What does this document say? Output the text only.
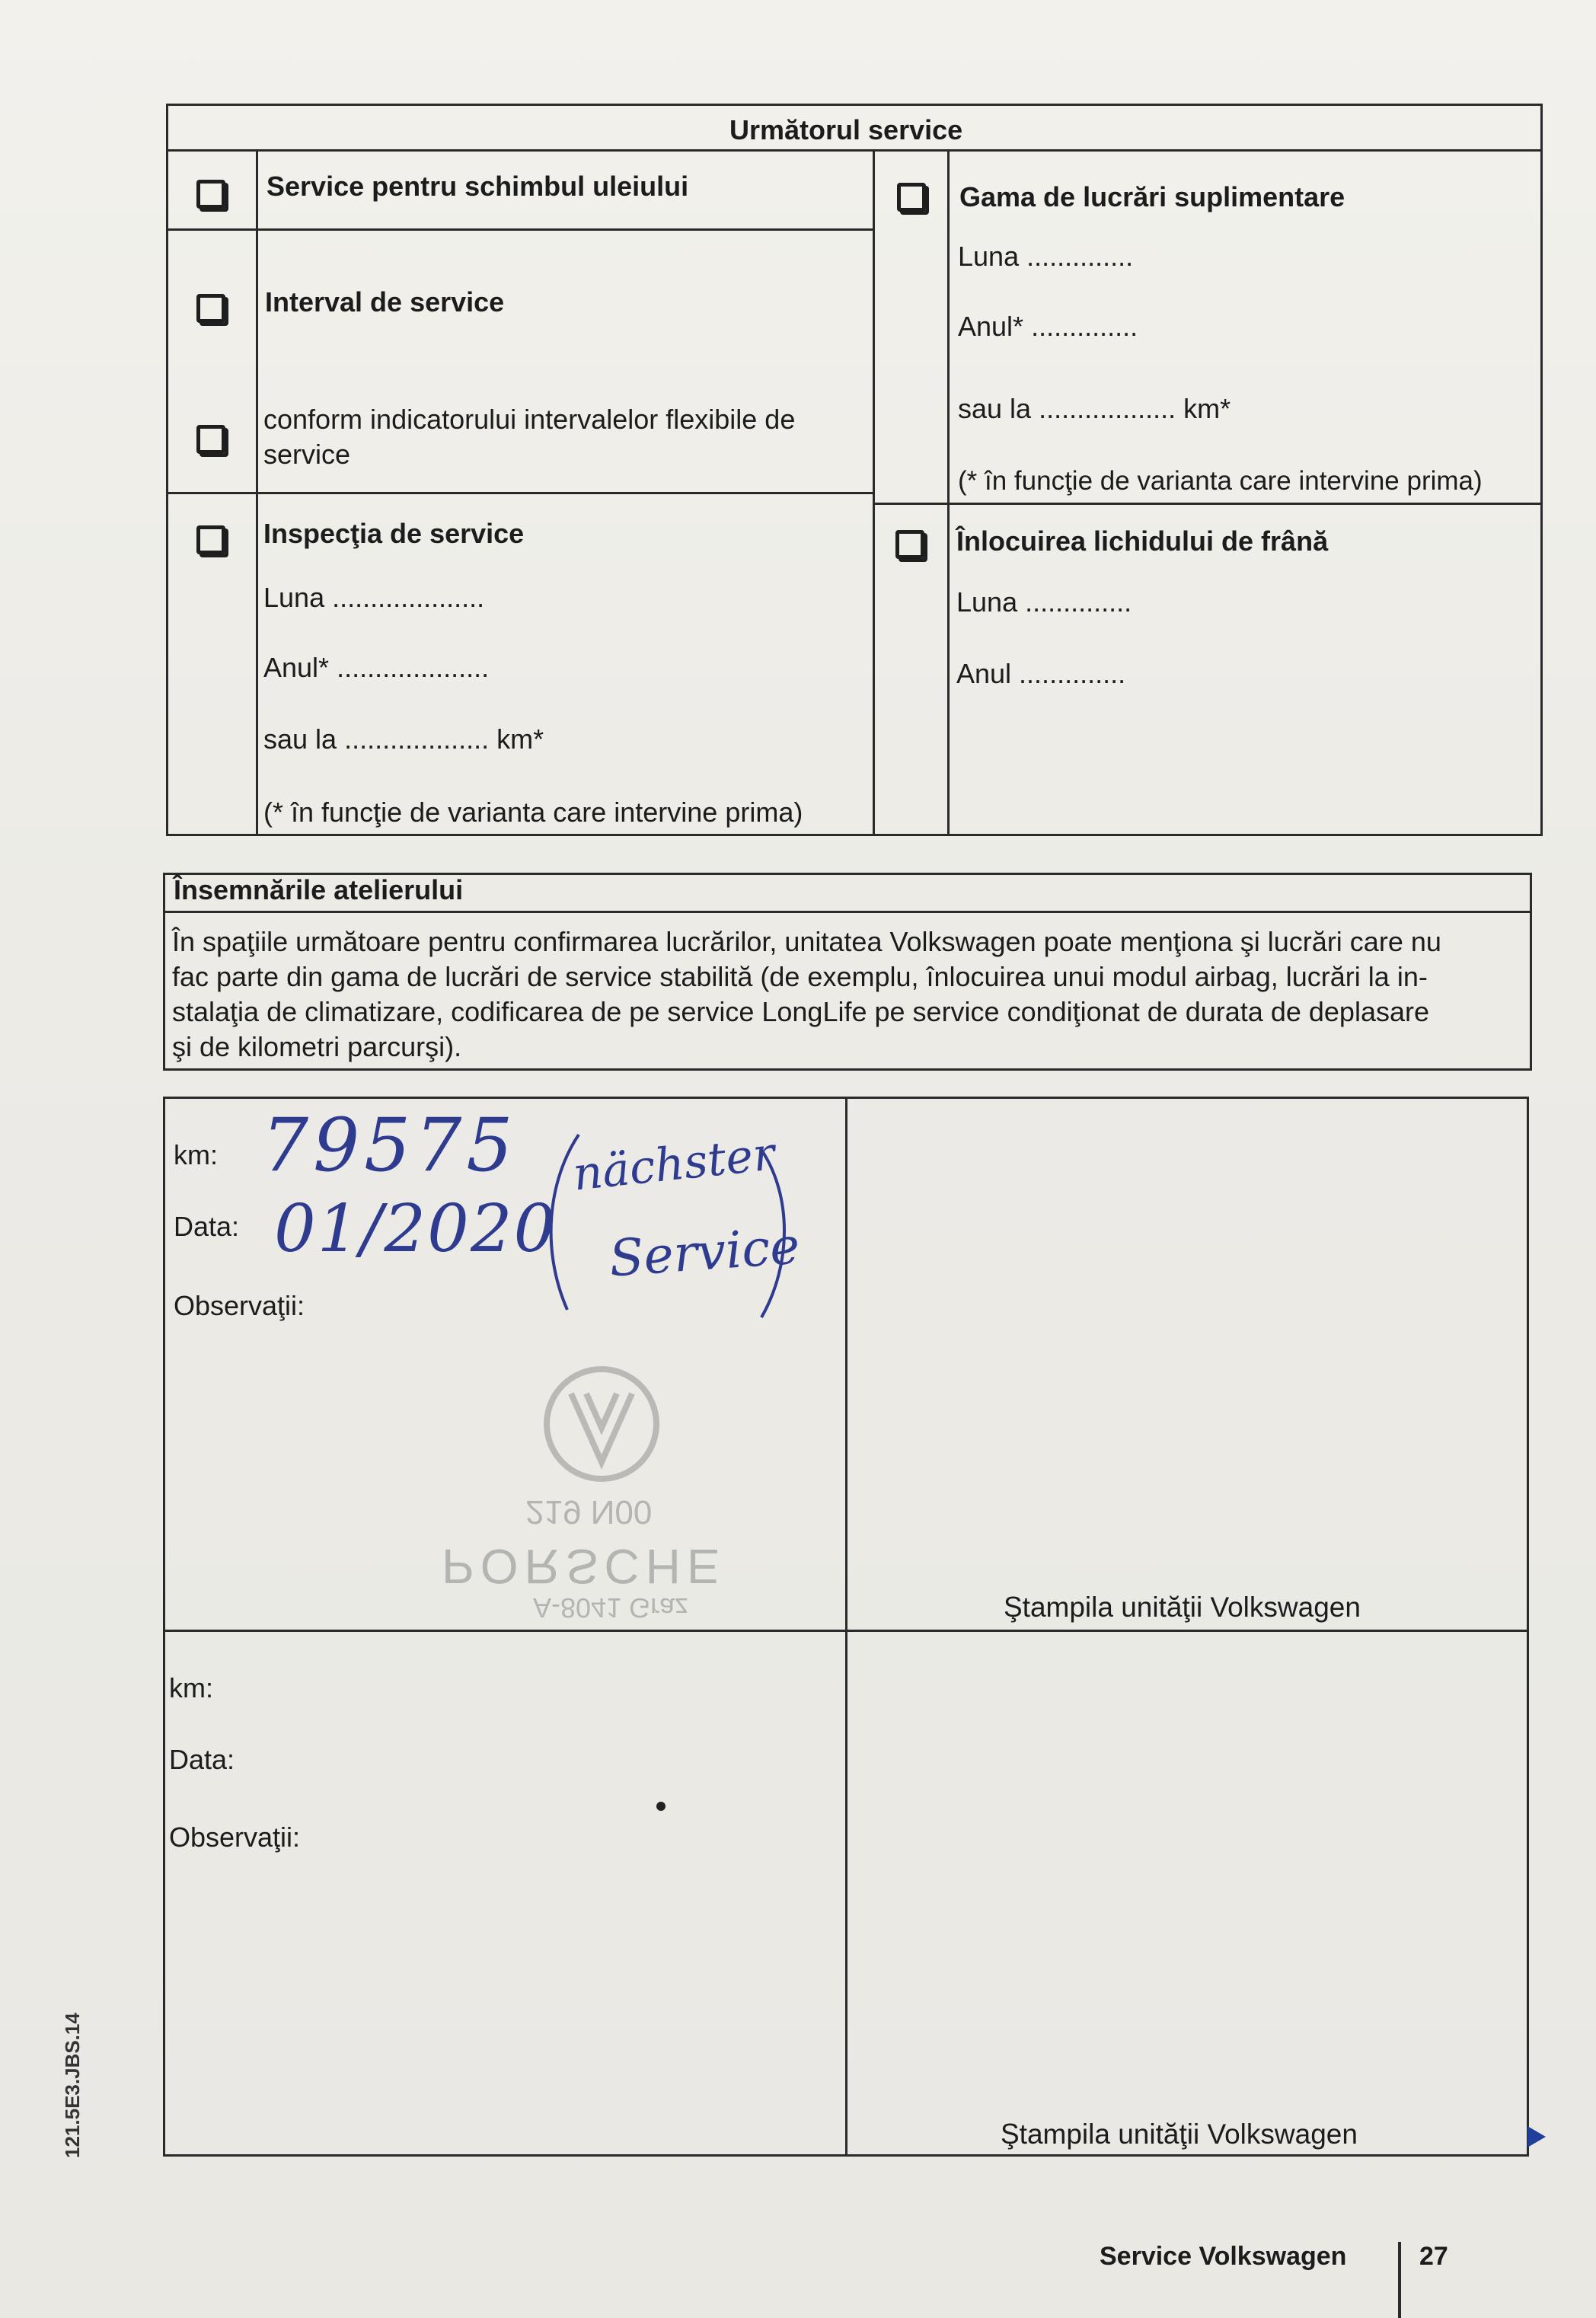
Următorul service
Service pentru schimbul uleiului
Interval de service
conform indicatorului intervalelor flexibile de service
Inspecţia de service
Luna ....................
Anul* ....................
sau la ................... km*
(* în funcţie de varianta care intervine prima)
Gama de lucrări suplimentare
Luna ..............
Anul* ..............
sau la .................. km*
(* în funcţie de varianta care intervine prima)
Înlocuirea lichidului de frână
Luna ..............
Anul ..............
Însemnările atelierului
În spaţiile următoare pentru confirmarea lucrărilor, unitatea Volkswagen poate menţiona şi lucrări care nu
fac parte din gama de lucrări de service stabilită (de exemplu, înlocuirea unui modul airbag, lucrări la in-
stalaţia de climatizare, codificarea de pe service LongLife pe service condiţionat de durata de deplasare
şi de kilometri parcurşi).
km:
Data:
Observaţii:
79575
01/2020
nächster
Service
219 N00
PORSCHE
A-8041 Graz	Ştampila unităţii Volkswagen
km:
Data:
Observaţii:
Ştampila unităţii Volkswagen
Service Volkswagen	27
121.5E3.JBS.14
